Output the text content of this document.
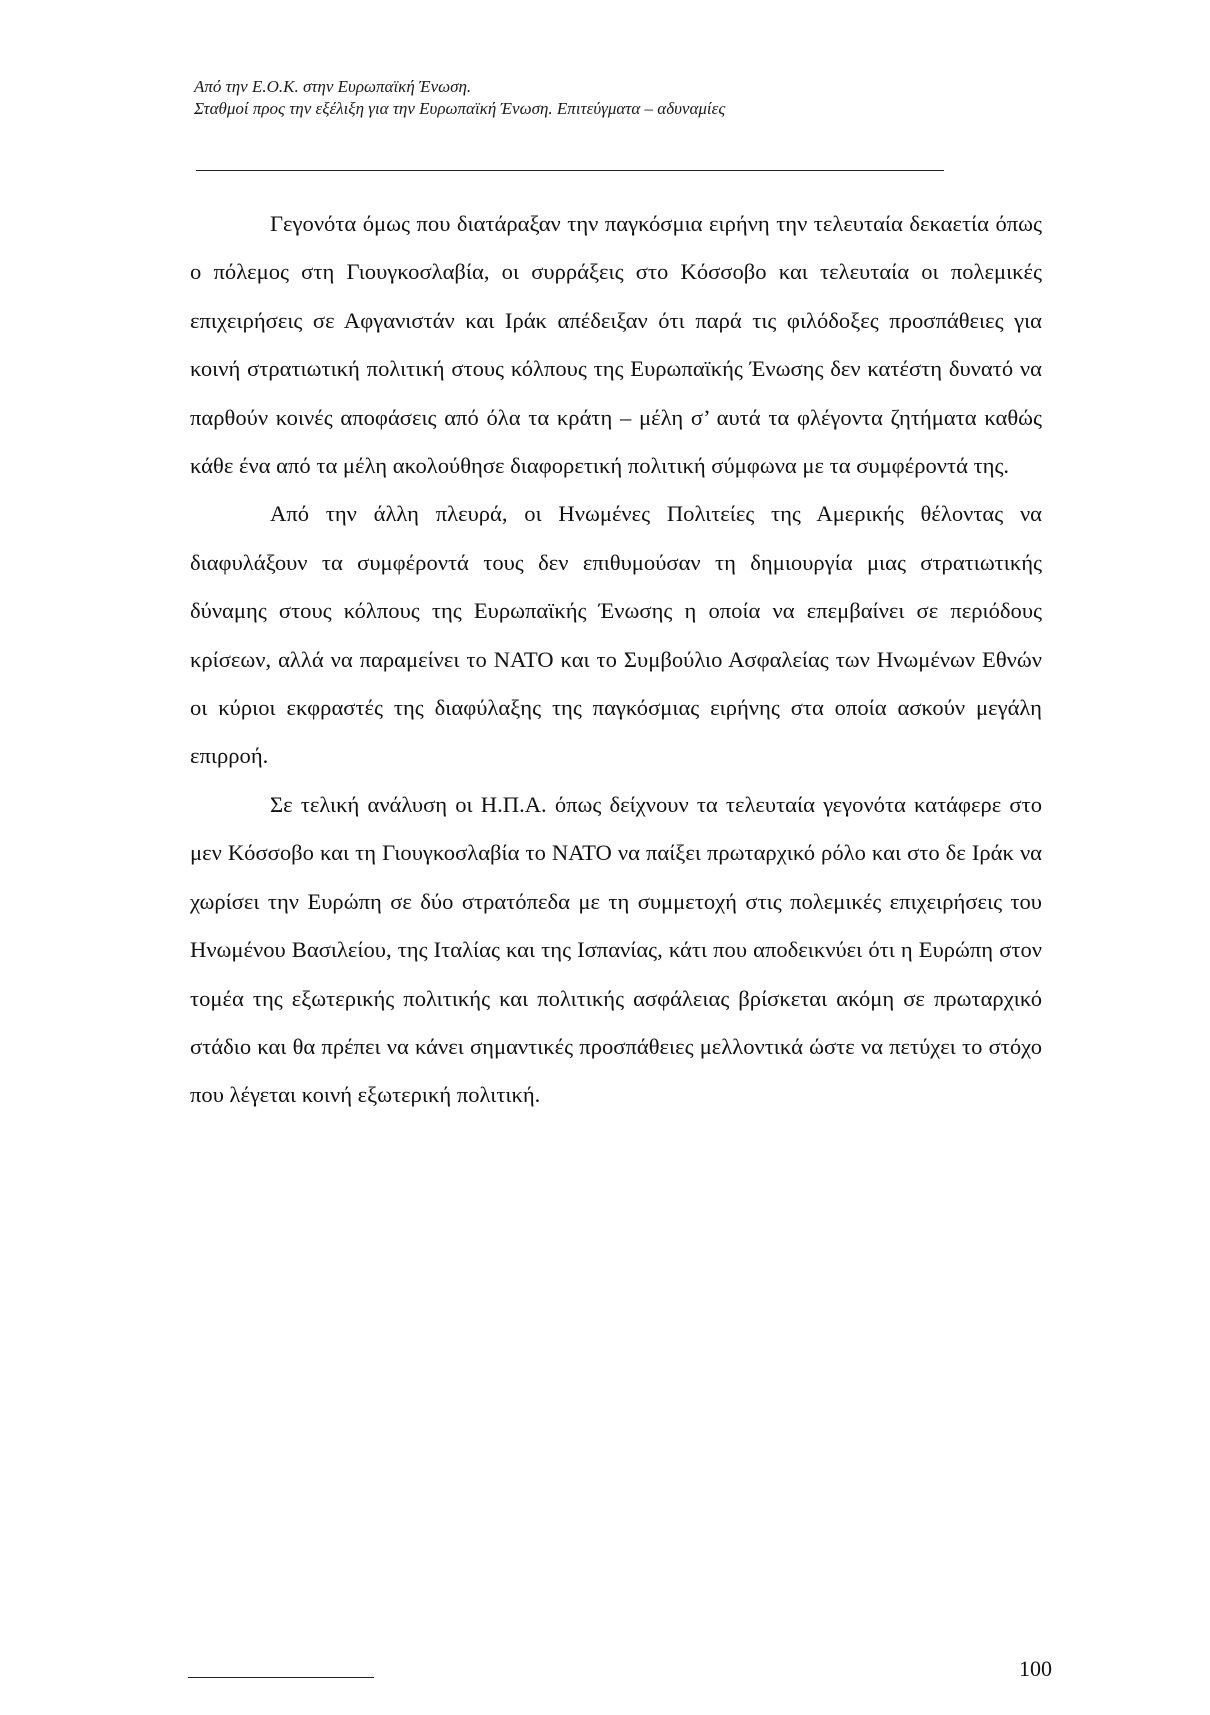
Από την Ε.Ο.Κ. στην Ευρωπαϊκή Ένωση.
Σταθμοί προς την εξέλιξη για την Ευρωπαϊκή Ένωση. Επιτεύγματα – αδυναμίες

Γεγονότα όμως που διατάραξαν την παγκόσμια ειρήνη την τελευταία δεκαετία όπως ο πόλεμος στη Γιουγκοσλαβία, οι συρράξεις στο Κόσσοβο και τελευταία οι πολεμικές επιχειρήσεις σε Αφγανιστάν και Ιράκ απέδειξαν ότι παρά τις φιλόδοξες προσπάθειες για κοινή στρατιωτική πολιτική στους κόλπους της Ευρωπαϊκής Ένωσης δεν κατέστη δυνατό να παρθούν κοινές αποφάσεις από όλα τα κράτη – μέλη σ’ αυτά τα φλέγοντα ζητήματα καθώς κάθε ένα από τα μέλη ακολούθησε διαφορετική πολιτική σύμφωνα με τα συμφέροντά της.

Από την άλλη πλευρά, οι Ηνωμένες Πολιτείες της Αμερικής θέλοντας να διαφυλάξουν τα συμφέροντά τους δεν επιθυμούσαν τη δημιουργία μιας στρατιωτικής δύναμης στους κόλπους της Ευρωπαϊκής Ένωσης η οποία να επεμβαίνει σε περιόδους κρίσεων, αλλά να παραμείνει το ΝΑΤΟ και το Συμβούλιο Ασφαλείας των Ηνωμένων Εθνών οι κύριοι εκφραστές της διαφύλαξης της παγκόσμιας ειρήνης στα οποία ασκούν μεγάλη επιρροή.

Σε τελική ανάλυση οι Η.Π.Α. όπως δείχνουν τα τελευταία γεγονότα κατάφερε στο μεν Κόσσοβο και τη Γιουγκοσλαβία το ΝΑΤΟ να παίξει πρωταρχικό ρόλο και στο δε Ιράκ να χωρίσει την Ευρώπη σε δύο στρατόπεδα με τη συμμετοχή στις πολεμικές επιχειρήσεις του Ηνωμένου Βασιλείου, της Ιταλίας και της Ισπανίας, κάτι που αποδεικνύει ότι η Ευρώπη στον τομέα της εξωτερικής πολιτικής και πολιτικής ασφάλειας βρίσκεται ακόμη σε πρωταρχικό στάδιο και θα πρέπει να κάνει σημαντικές προσπάθειες μελλοντικά ώστε να πετύχει το στόχο που λέγεται κοινή εξωτερική πολιτική.

100
